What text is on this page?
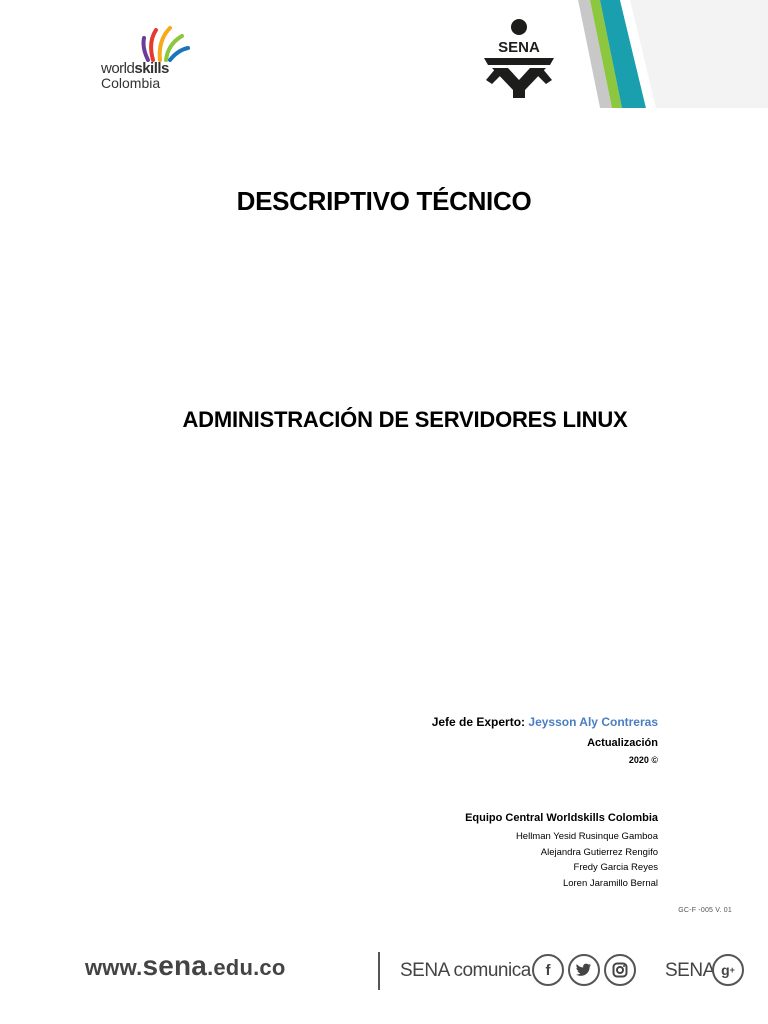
worldskills
Colombia
SENA
DESCRIPTIVO TÉCNICO
ADMINISTRACIÓN DE SERVIDORES LINUX
Jefe de Experto: Jeysson Aly Contreras
Actualización
2020 ©
Equipo Central Worldskills Colombia
Hellman Yesid Rusinque Gamboa
Alejandra Gutierrez Rengifo
Fredy Garcia Reyes
Loren Jaramillo Bernal
GC-F -005 V. 01
www.sena.edu.co	SENA comunica f	SENA g +
